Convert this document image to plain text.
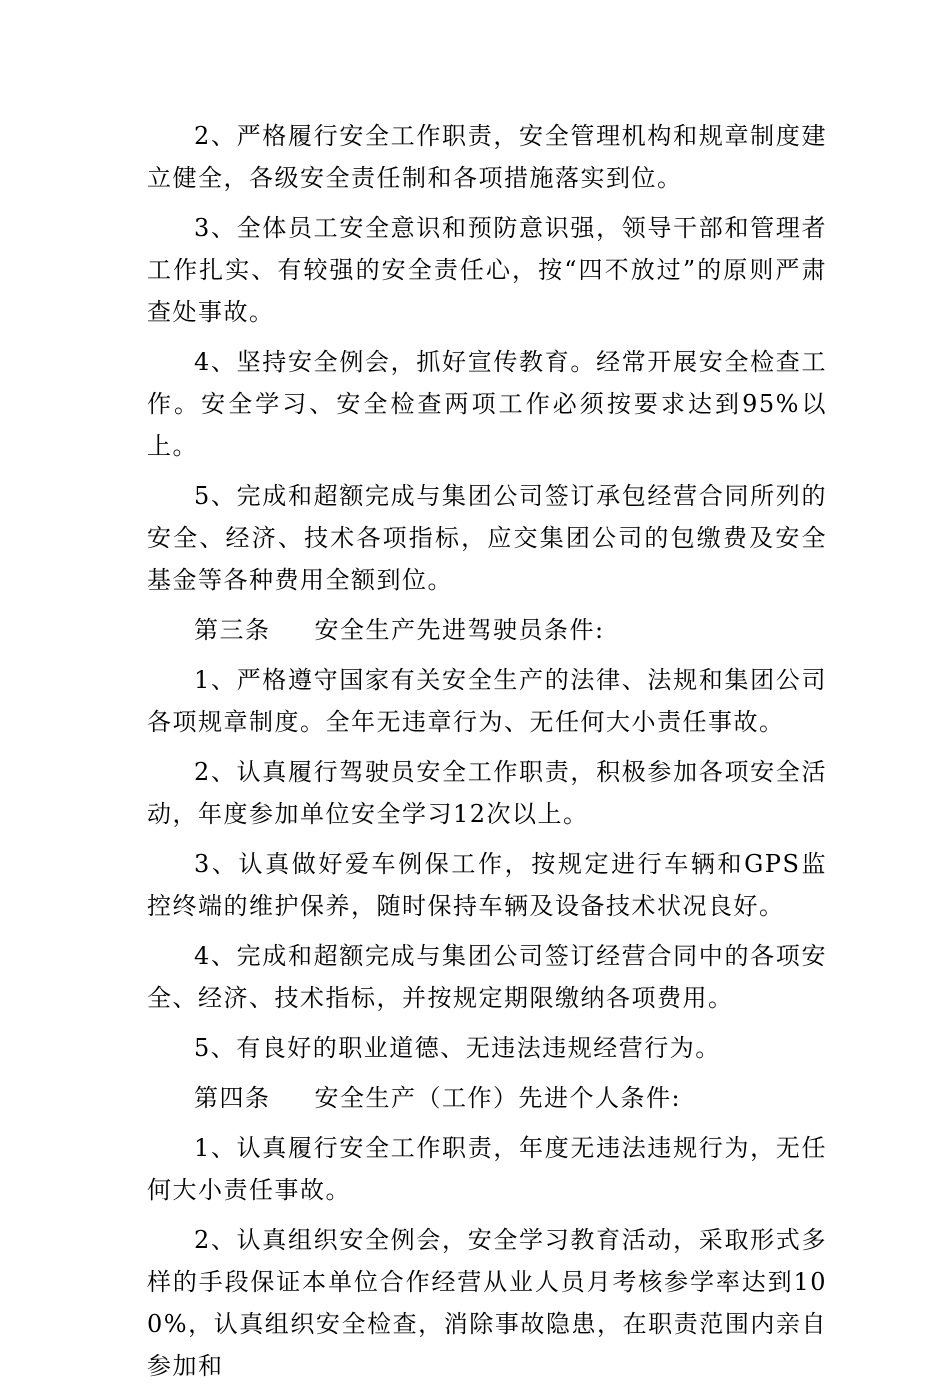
2、严格履行安全工作职责，安全管理机构和规章制度建立健全，各级安全责任制和各项措施落实到位。

3、全体员工安全意识和预防意识强，领导干部和管理者工作扎实、有较强的安全责任心，按“四不放过”的原则严肃查处事故。

4、坚持安全例会，抓好宣传教育。经常开展安全检查工作。安全学习、安全检查两项工作必须按要求达到95%以上。

5、完成和超额完成与集团公司签订承包经营合同所列的安全、经济、技术各项指标，应交集团公司的包缴费及安全基金等各种费用全额到位。

第三条 安全生产先进驾驶员条件:

1、严格遵守国家有关安全生产的法律、法规和集团公司各项规章制度。全年无违章行为、无任何大小责任事故。

2、认真履行驾驶员安全工作职责，积极参加各项安全活动，年度参加单位安全学习12次以上。

3、认真做好爱车例保工作，按规定进行车辆和GPS监控终端的维护保养，随时保持车辆及设备技术状况良好。

4、完成和超额完成与集团公司签订经营合同中的各项安全、经济、技术指标，并按规定期限缴纳各项费用。

5、有良好的职业道德、无违法违规经营行为。

第四条 安全生产（工作）先进个人条件:

1、认真履行安全工作职责，年度无违法违规行为，无任何大小责任事故。

2、认真组织安全例会，安全学习教育活动，采取形式多样的手段保证本单位合作经营从业人员月考核参学率达到100%，认真组织安全检查，消除事故隐患，在职责范围内亲自参加和
